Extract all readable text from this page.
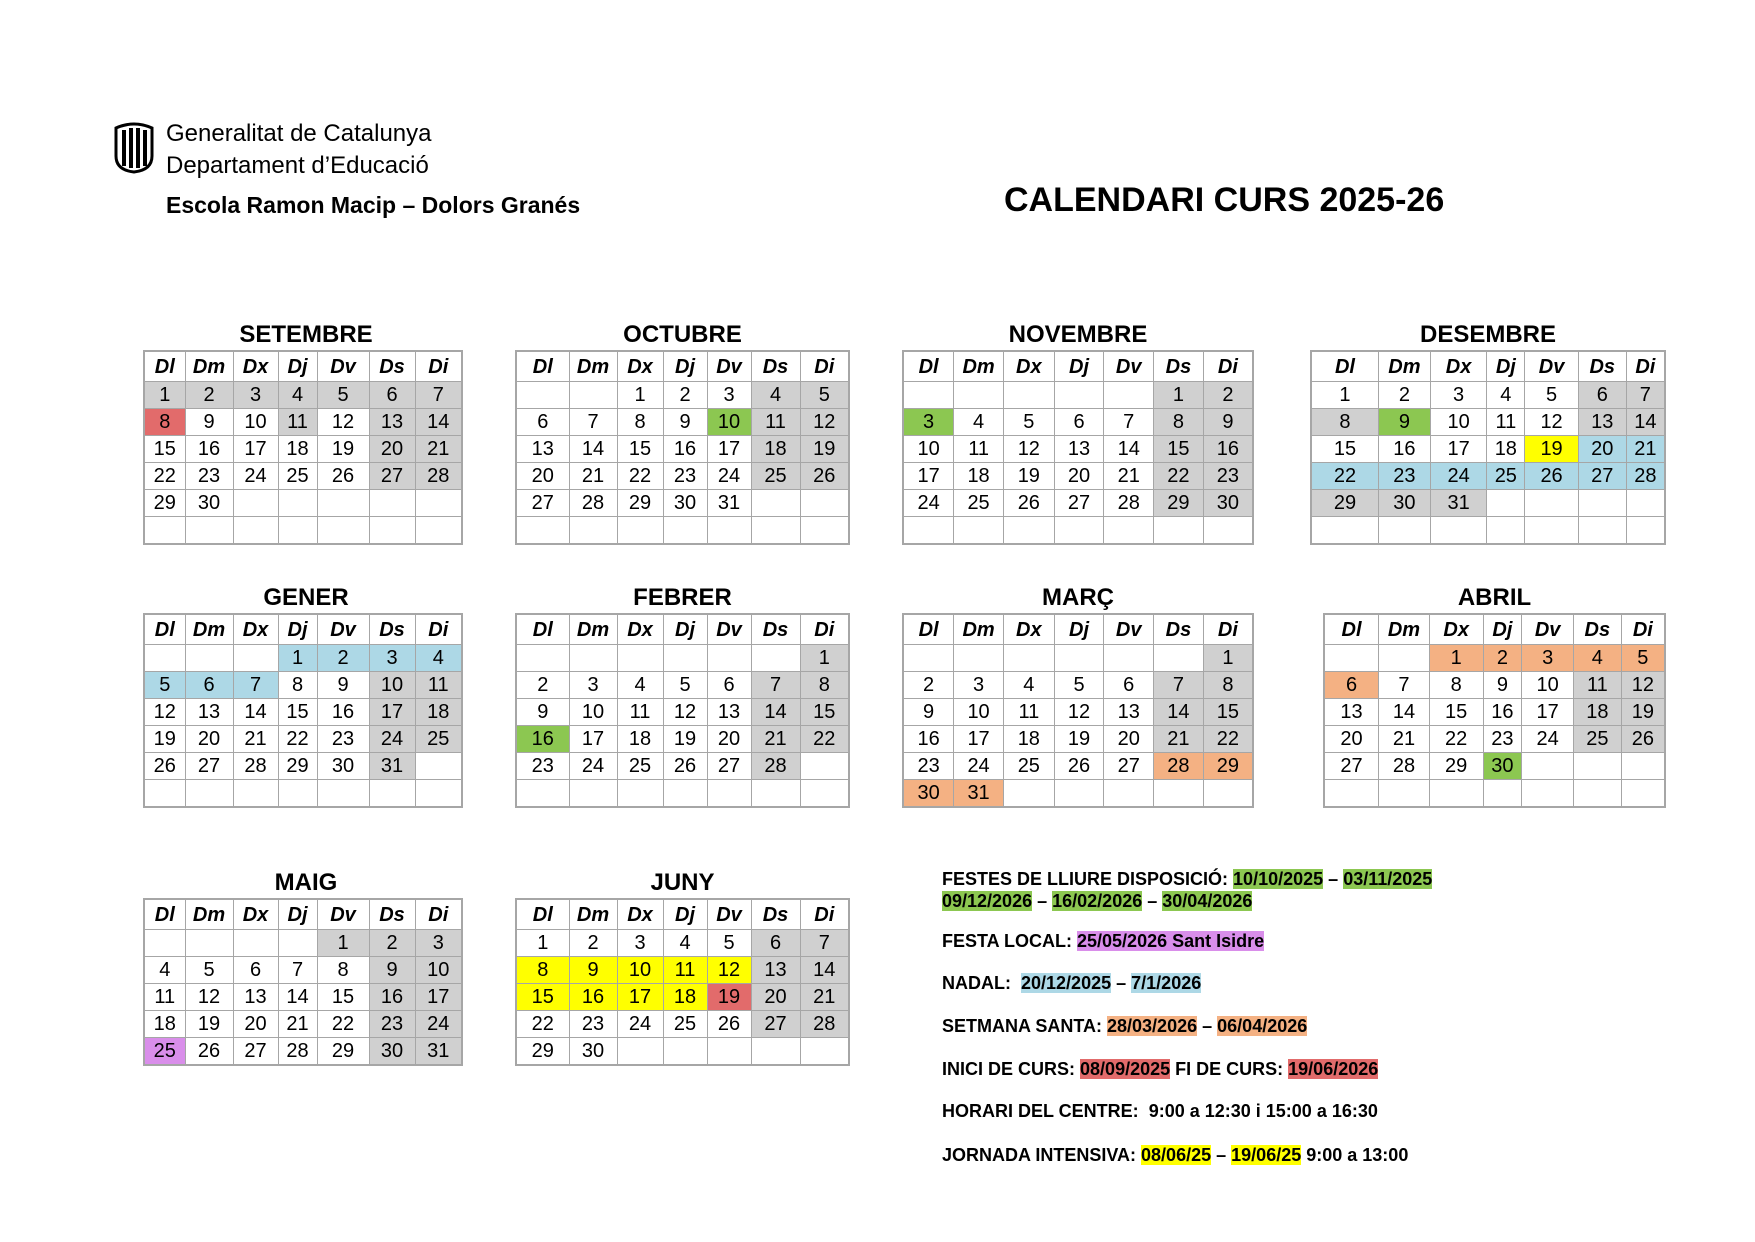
Generalitat de Catalunya
Departament d’Educació
Escola Ramon Macip – Dolors Granés	CALENDARI CURS 2025-26
SETEMBRE
Dl	Dm	Dx	Dj	Dv	Ds	Di
1	2	3	4	5	6	7
8	9	10	11	12	13	14
15	16	17	18	19	20	21
22	23	24	25	26	27	28
29	30					

OCTUBRE
Dl	Dm	Dx	Dj	Dv	Ds	Di
		1	2	3	4	5
6	7	8	9	10	11	12
13	14	15	16	17	18	19
20	21	22	23	24	25	26
27	28	29	30	31		

NOVEMBRE
Dl	Dm	Dx	Dj	Dv	Ds	Di
					1	2
3	4	5	6	7	8	9
10	11	12	13	14	15	16
17	18	19	20	21	22	23
24	25	26	27	28	29	30

DESEMBRE
Dl	Dm	Dx	Dj	Dv	Ds	Di
1	2	3	4	5	6	7
8	9	10	11	12	13	14
15	16	17	18	19	20	21
22	23	24	25	26	27	28
29	30	31				

GENER
Dl	Dm	Dx	Dj	Dv	Ds	Di
			1	2	3	4
5	6	7	8	9	10	11
12	13	14	15	16	17	18
19	20	21	22	23	24	25
26	27	28	29	30	31	

FEBRER
Dl	Dm	Dx	Dj	Dv	Ds	Di
						1
2	3	4	5	6	7	8
9	10	11	12	13	14	15
16	17	18	19	20	21	22
23	24	25	26	27	28	

MARÇ
Dl	Dm	Dx	Dj	Dv	Ds	Di
						1
2	3	4	5	6	7	8
9	10	11	12	13	14	15
16	17	18	19	20	21	22
23	24	25	26	27	28	29
30	31					
ABRIL
Dl	Dm	Dx	Dj	Dv	Ds	Di
		1	2	3	4	5
6	7	8	9	10	11	12
13	14	15	16	17	18	19
20	21	22	23	24	25	26
27	28	29	30			

MAIG
Dl	Dm	Dx	Dj	Dv	Ds	Di
				1	2	3
4	5	6	7	8	9	10
11	12	13	14	15	16	17
18	19	20	21	22	23	24
25	26	27	28	29	30	31
JUNY
Dl	Dm	Dx	Dj	Dv	Ds	Di
1	2	3	4	5	6	7
8	9	10	11	12	13	14
15	16	17	18	19	20	21
22	23	24	25	26	27	28
29	30					
FESTES DE LLIURE DISPOSICIÓ: 10/10/2025 – 03/11/2025
09/12/2026 – 16/02/2026 – 30/04/2026
FESTA LOCAL: 25/05/2026 Sant Isidre
NADAL: 20/12/2025 – 7/1/2026
SETMANA SANTA: 28/03/2026 – 06/04/2026
INICI DE CURS: 08/09/2025 FI DE CURS: 19/06/2026
HORARI DEL CENTRE: 9:00 a 12:30 i 15:00 a 16:30
JORNADA INTENSIVA: 08/06/25 – 19/06/25 9:00 a 13:00
